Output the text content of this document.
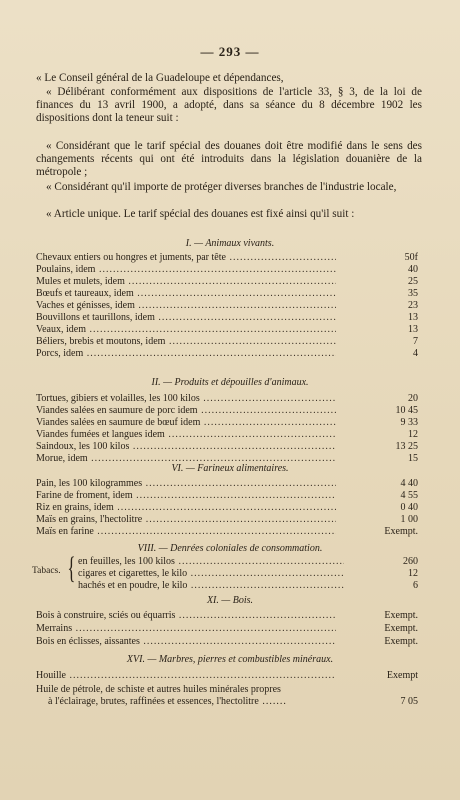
— 293 —
« Le Conseil général de la Guadeloupe et dépendances,
« Délibérant conformément aux dispositions de l'article 33, § 3, de la loi de finances du 13 avril 1900, a adopté, dans sa séance du 8 décembre 1902 les dispositions dont la teneur suit :
« Considérant que le tarif spécial des douanes doit être modifié dans le sens des changements récents qui ont été introduits dans la législation douanière de la métropole ;
« Considérant qu'il importe de protéger diverses branches de l'industrie locale,
« Article unique. Le tarif spécial des douanes est fixé ainsi qu'il suit :
I. — Animaux vivants.
Chevaux entiers ou hongres et juments, par tête .....	50f
Poulains, idem .....	40
Mules et mulets, idem .....	25
Bœufs et taureaux, idem .....	35
Vaches et génisses, idem .....	23
Bouvillons et taurillons, idem .....	13
Veaux, idem .....	13
Béliers, brebis et moutons, idem .....	7
Porcs, idem .....	4
II. — Produits et dépouilles d'animaux.
Tortues, gibiers et volailles, les 100 kilos .....	20
Viandes salées en saumure de porc idem .....	10 45
Viandes salées en saumure de bœuf idem .....	9 33
Viandes fumées et langues idem .....	12
Saindoux, les 100 kilos .....	13 25
Morue, idem .....	15
VI. — Farineux alimentaires.
Pain, les 100 kilogrammes .....	4 40
Farine de froment, idem .....	4 55
Riz en grains, idem .....	0 40
Maïs en grains, l'hectolitre .....	1 00
Maïs en farine .....	Exempt.
VIII. — Denrées coloniales de consommation.
Tabacs. { en feuilles, les 100 kilos .....	260
cigares et cigarettes, le kilo .....	12
hachés et en poudre, le kilo .....	6
XI. — Bois.
Bois à construire, sciés ou équarris .....	Exempt.
Merrains .....	Exempt.
Bois en éclisses, aissantes .....	Exempt.
XVI. — Marbres, pierres et combustibles minéraux.
Houille .....	Exempt
Huile de pétrole, de schiste et autres huiles minérales propres
à l'éclairage, brutes, raffinées et essences, l'hectolitre .......	7 05
